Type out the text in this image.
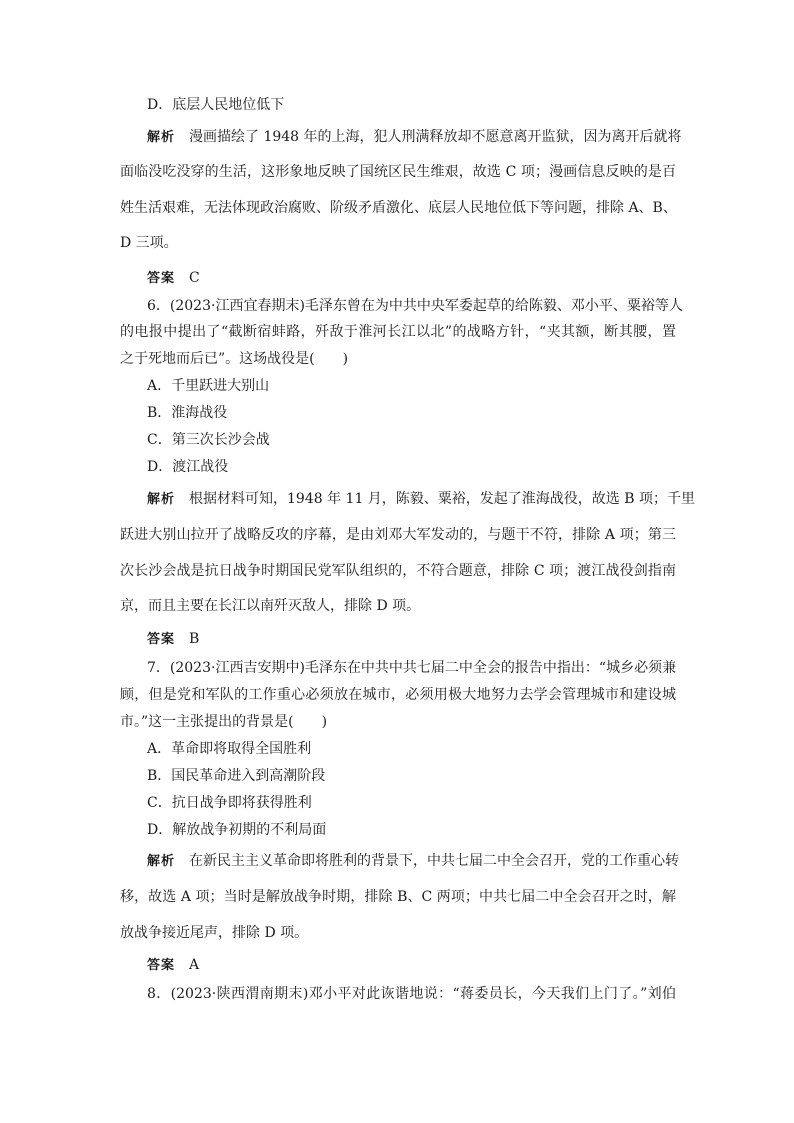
D．底层人民地位低下
解析 漫画描绘了 1948 年的上海，犯人刑满释放却不愿意离开监狱，因为离开后就将
面临没吃没穿的生活，这形象地反映了国统区民生维艰，故选 C 项；漫画信息反映的是百
姓生活艰难，无法体现政治腐败、阶级矛盾激化、底层人民地位低下等问题，排除 A、B、
D 三项。
答案 C
6．(2023·江西宜春期末)毛泽东曾在为中共中央军委起草的给陈毅、邓小平、粟裕等人
的电报中提出了“截断宿蚌路，歼敌于淮河长江以北”的战略方针，“夹其额，断其腰，置
之于死地而后已”。这场战役是(　　)
A．千里跃进大别山
B．淮海战役
C．第三次长沙会战
D．渡江战役
解析 根据材料可知，1948 年 11 月，陈毅、粟裕，发起了淮海战役，故选 B 项；千里
跃进大别山拉开了战略反攻的序幕，是由刘邓大军发动的，与题干不符，排除 A 项；第三
次长沙会战是抗日战争时期国民党军队组织的，不符合题意，排除 C 项；渡江战役剑指南
京，而且主要在长江以南歼灭敌人，排除 D 项。
答案 B
7．(2023·江西吉安期中)毛泽东在中共中共七届二中全会的报告中指出：“城乡必须兼
顾，但是党和军队的工作重心必须放在城市，必须用极大地努力去学会管理城市和建设城
市。”这一主张提出的背景是(　　)
A．革命即将取得全国胜利
B．国民革命进入到高潮阶段
C．抗日战争即将获得胜利
D．解放战争初期的不利局面
解析 在新民主主义革命即将胜利的背景下，中共七届二中全会召开，党的工作重心转
移，故选 A 项；当时是解放战争时期，排除 B、C 两项；中共七届二中全会召开之时，解
放战争接近尾声，排除 D 项。
答案 A
8．(2023·陕西渭南期末)邓小平对此诙谐地说：“蒋委员长，今天我们上门了。”刘伯
